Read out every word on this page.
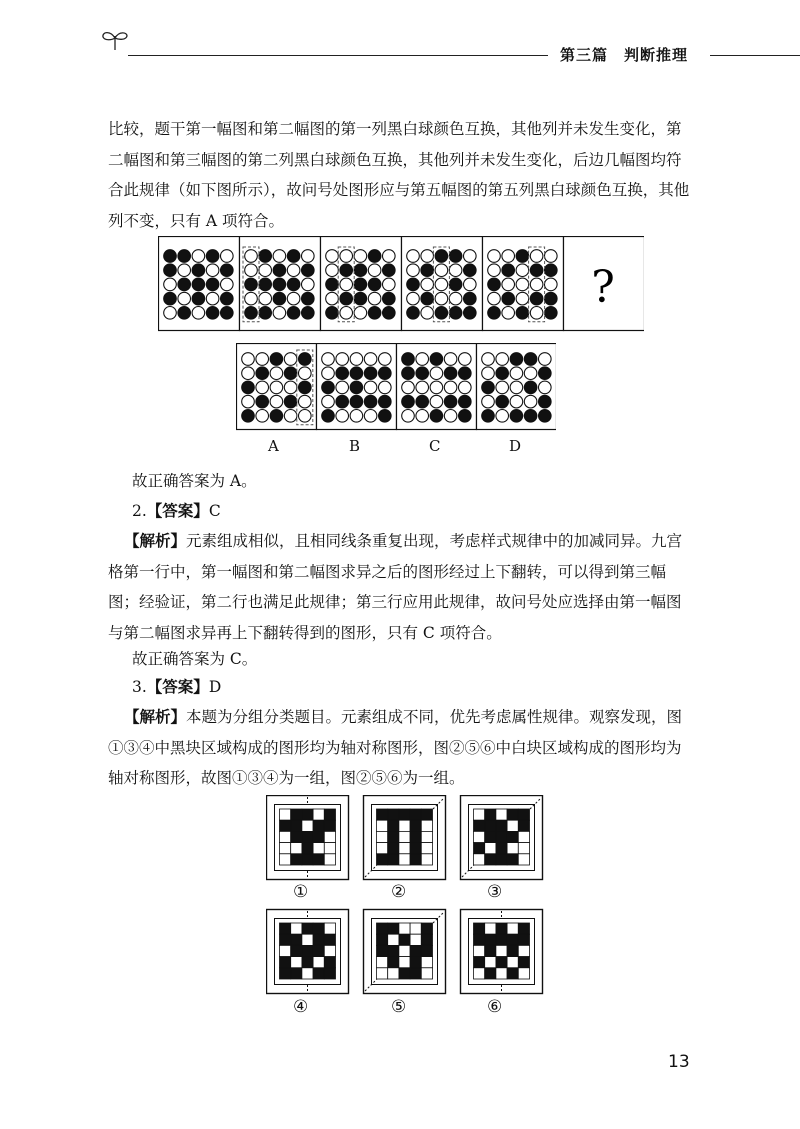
第三篇　判断推理
比较，题干第一幅图和第二幅图的第一列黑白球颜色互换，其他列并未发生变化，第二幅图和第三幅图的第二列黑白球颜色互换，其他列并未发生变化，后边几幅图均符合此规律（如下图所示），故问号处图形应与第五幅图的第五列黑白球颜色互换，其他列不变，只有 A 项符合。
?
A	B	C	D
故正确答案为 A。
2.【答案】C
【解析】元素组成相似，且相同线条重复出现，考虑样式规律中的加减同异。九宫格第一行中，第一幅图和第二幅图求异之后的图形经过上下翻转，可以得到第三幅图；经验证，第二行也满足此规律；第三行应用此规律，故问号处应选择由第一幅图与第二幅图求异再上下翻转得到的图形，只有 C 项符合。
故正确答案为 C。
3.【答案】D
【解析】本题为分组分类题目。元素组成不同，优先考虑属性规律。观察发现，图①③④中黑块区域构成的图形均为轴对称图形，图②⑤⑥中白块区域构成的图形均为轴对称图形，故图①③④为一组，图②⑤⑥为一组。
①	②	③
④	⑤	⑥
13
